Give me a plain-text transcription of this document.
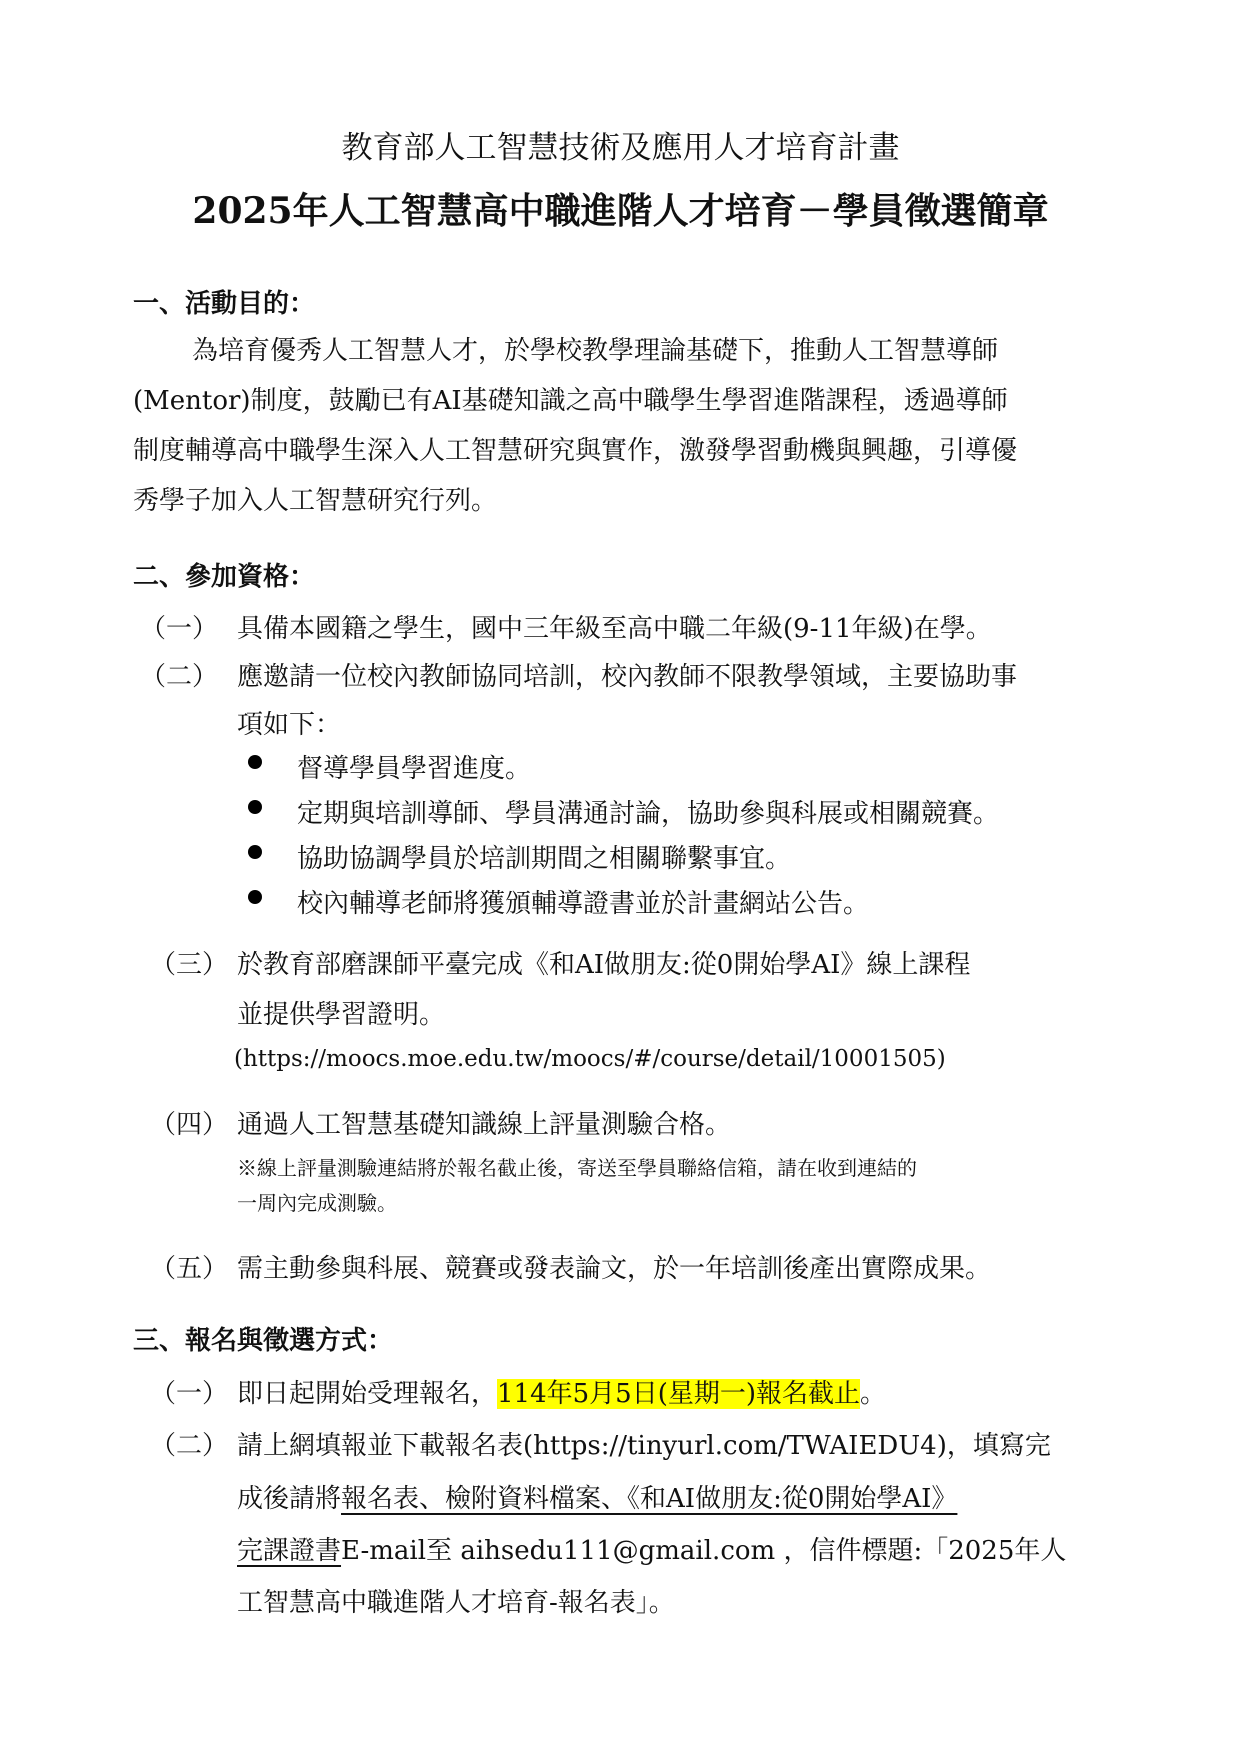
教育部人工智慧技術及應用人才培育計畫
2025年人工智慧高中職進階人才培育－學員徵選簡章
一、活動目的：
為培育優秀人工智慧人才，於學校教學理論基礎下，推動人工智慧導師
(Mentor)制度，鼓勵已有AI基礎知識之高中職學生學習進階課程，透過導師
制度輔導高中職學生深入人工智慧研究與實作，激發學習動機與興趣，引導優
秀學子加入人工智慧研究行列。
二、參加資格：
（一） 具備本國籍之學生，國中三年級至高中職二年級(9-11年級)在學。
（二） 應邀請一位校內教師協同培訓，校內教師不限教學領域，主要協助事
項如下：
督導學員學習進度。
定期與培訓導師、學員溝通討論，協助參與科展或相關競賽。
協助協調學員於培訓期間之相關聯繫事宜。
校內輔導老師將獲頒輔導證書並於計畫網站公告。
（三） 於教育部磨課師平臺完成《和AI做朋友:從0開始學AI》線上課程
並提供學習證明。
(https://moocs.moe.edu.tw/moocs/#/course/detail/10001505)
（四） 通過人工智慧基礎知識線上評量測驗合格。
※線上評量測驗連結將於報名截止後，寄送至學員聯絡信箱，請在收到連結的
一周內完成測驗。
（五） 需主動參與科展、競賽或發表論文，於一年培訓後產出實際成果。
三、報名與徵選方式：
（一） 即日起開始受理報名，114年5月5日(星期一)報名截止。
（二） 請上網填報並下載報名表(https://tinyurl.com/TWAIEDU4)，填寫完
成後請將報名表、檢附資料檔案、《和AI做朋友:從0開始學AI》
完課證書E-mail至 aihsedu111@gmail.com ，信件標題:「2025年人
工智慧高中職進階人才培育-報名表」。
